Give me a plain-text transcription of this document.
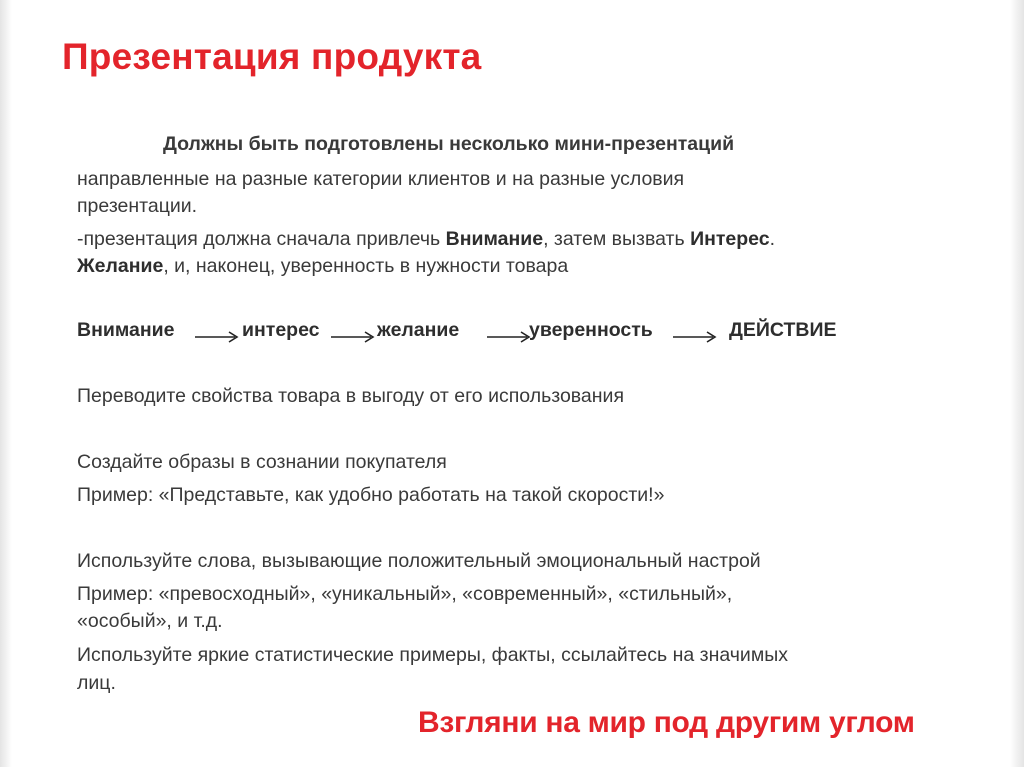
Презентация продукта
Должны быть подготовлены несколько мини-презентаций
направленные на разные категории клиентов и на разные условия
презентации.
-презентация должна сначала привлечь Внимание, затем вызвать Интерес.
Желание, и, наконец, уверенность в нужности товара
Внимание	интерес	желание	уверенность	ДЕЙСТВИЕ
Переводите свойства товара в выгоду от его использования
Создайте образы в сознании покупателя
Пример: «Представьте, как удобно работать на такой скорости!»
Используйте слова, вызывающие положительный эмоциональный настрой
Пример: «превосходный», «уникальный», «современный», «стильный»,
«особый», и т.д.
Используйте яркие статистические примеры, факты, ссылайтесь на значимых
лиц.
Взгляни на мир под другим углом
